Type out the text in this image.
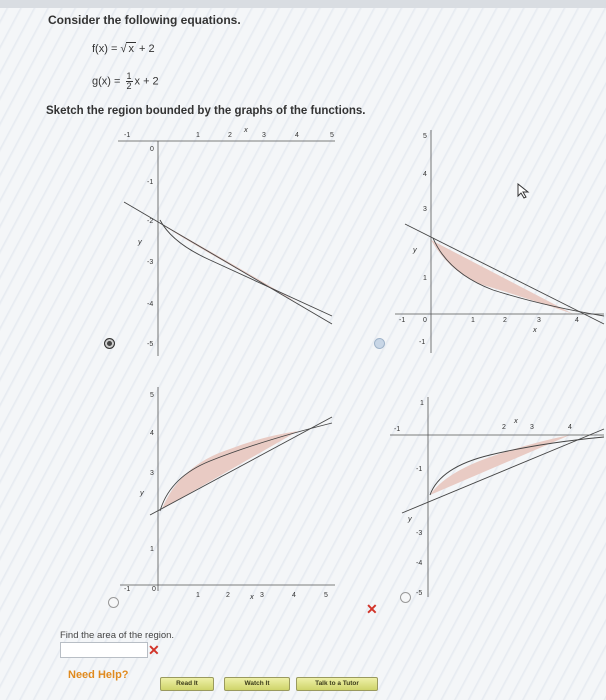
Consider the following equations.
f(x) = √ x + 2
$g(x) = \frac{1}{2}$ x + 2
Sketch the region bounded by the graphs of the functions.
-1	1	2	3	4	5
x
0
-1
-2
-3
-4
-5
y
-1	1	2	3	4
x
0
5
4
3
1
-1
y
-1
1	2	3	4	5
x
0
5
4
3
1
y
✕
-1	2	3	4
x
1
-1
-3
-4
-5
y
Find the area of the region.
✕
Need Help?
Read It	Watch It	Talk to a Tutor
